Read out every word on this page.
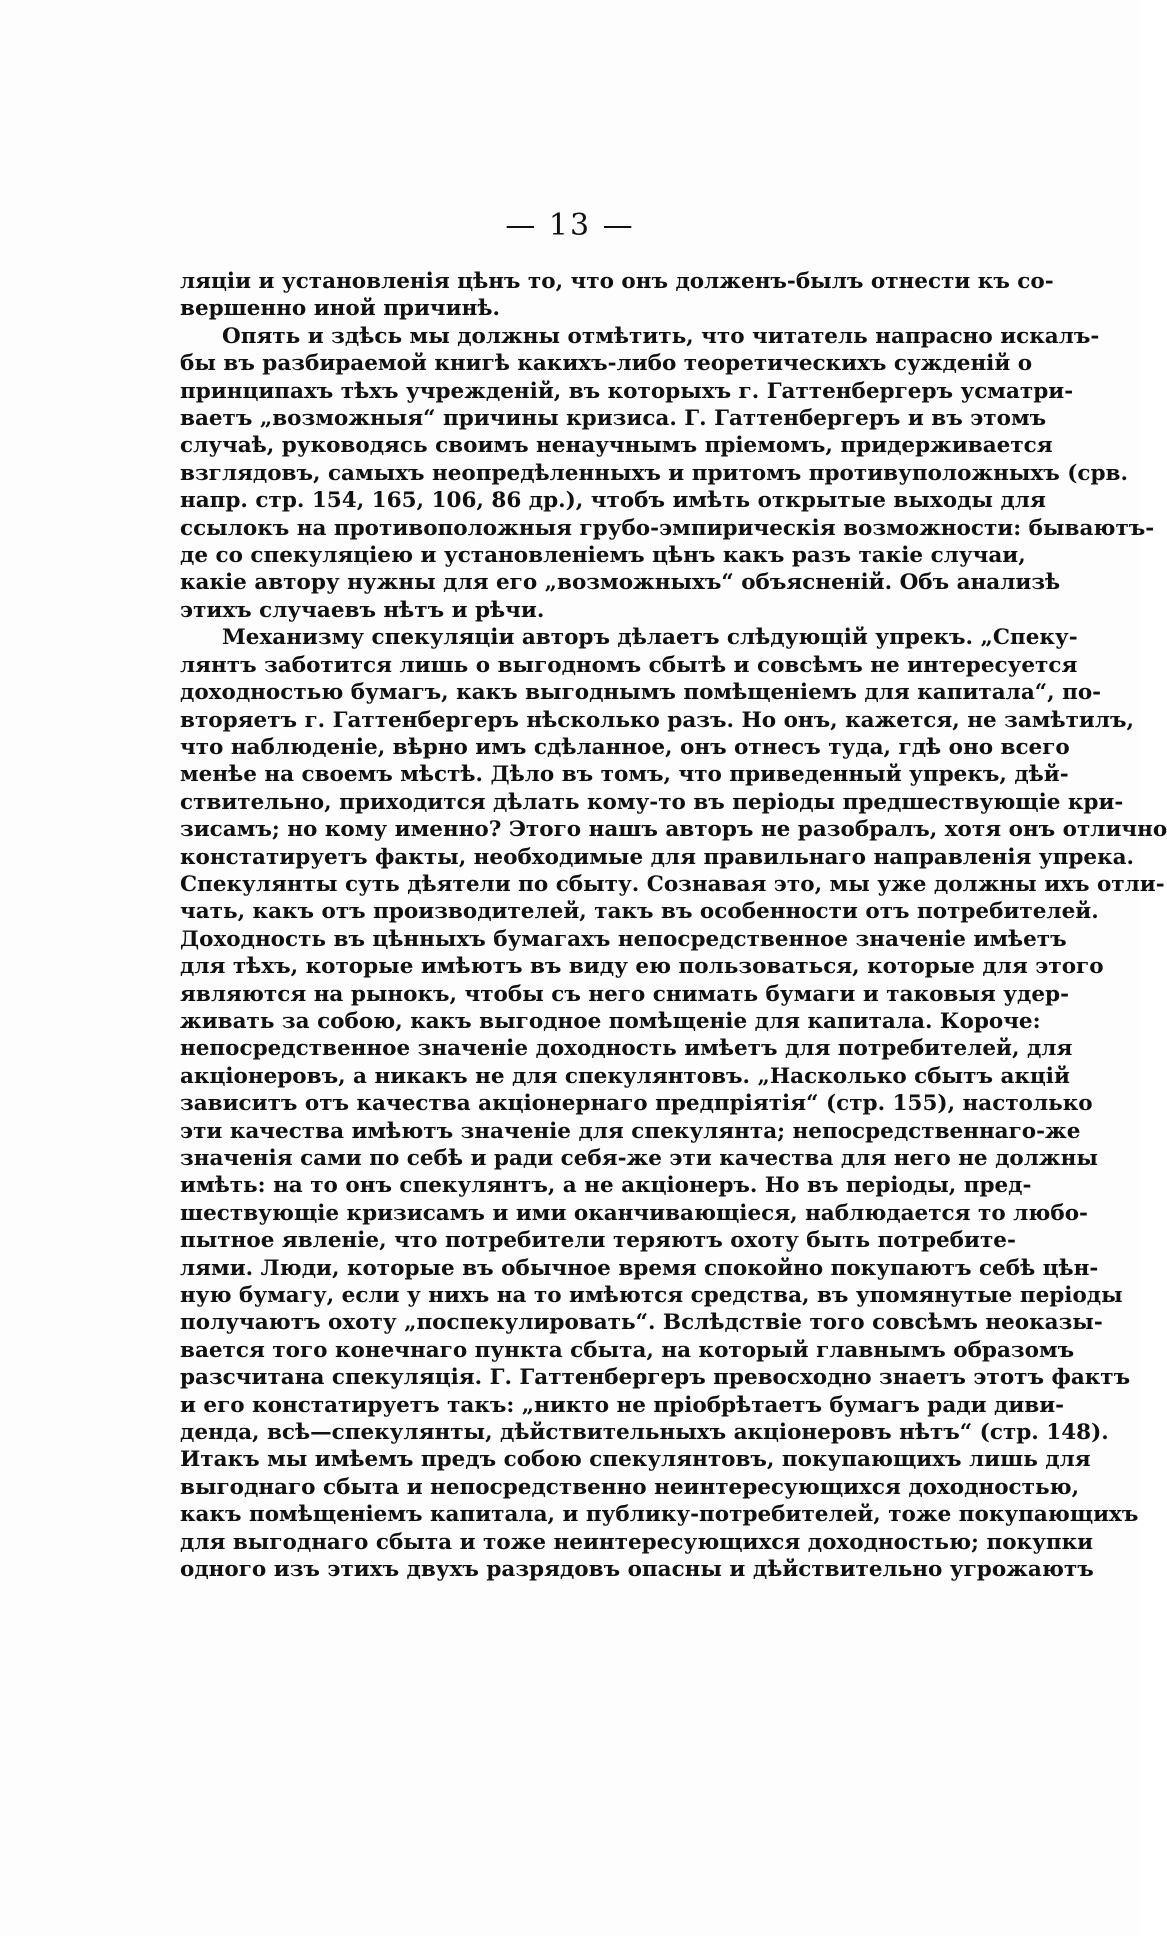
— 13 —
ляціи и установленія цѣнъ то, что онъ долженъ-былъ отнести къ со-
вершенно иной причинѣ.
Опять и здѣсь мы должны отмѣтить, что читатель напрасно искалъ-
бы въ разбираемой книгѣ какихъ-либо теоретическихъ сужденій о
принципахъ тѣхъ учрежденій, въ которыхъ г. Гаттенбергеръ усматри-
ваетъ „возможныя“ причины кризиса. Г. Гаттенбергеръ и въ этомъ
случаѣ, руководясь своимъ ненаучнымъ пріемомъ, придерживается
взглядовъ, самыхъ неопредѣленныхъ и притомъ противуположныхъ (срв.
напр. стр. 154, 165, 106, 86 др.), чтобъ имѣть открытые выходы для
ссылокъ на противоположныя грубо-эмпирическія возможности: бываютъ-
де со спекуляціею и установленіемъ цѣнъ какъ разъ такіе случаи,
какіе автору нужны для его „возможныхъ“ объясненій. Объ анализѣ
этихъ случаевъ нѣтъ и рѣчи.
Механизму спекуляціи авторъ дѣлаетъ слѣдующій упрекъ. „Спеку-
лянтъ заботится лишь о выгодномъ сбытѣ и совсѣмъ не интересуется
доходностью бумагъ, какъ выгоднымъ помѣщеніемъ для капитала“, по-
вторяетъ г. Гаттенбергеръ нѣсколько разъ. Но онъ, кажется, не замѣтилъ,
что наблюденіе, вѣрно имъ сдѣланное, онъ отнесъ туда, гдѣ оно всего
менѣе на своемъ мѣстѣ. Дѣло въ томъ, что приведенный упрекъ, дѣй-
ствительно, приходится дѣлать кому-то въ періоды предшествующіе кри-
зисамъ; но кому именно? Этого нашъ авторъ не разобралъ, хотя онъ отлично
констатируетъ факты, необходимые для правильнаго направленія упрека.
Спекулянты суть дѣятели по сбыту. Сознавая это, мы уже должны ихъ отли-
чать, какъ отъ производителей, такъ въ особенности отъ потребителей.
Доходность въ цѣнныхъ бумагахъ непосредственное значеніе имѣетъ
для тѣхъ, которые имѣютъ въ виду ею пользоваться, которые для этого
являются на рынокъ, чтобы съ него снимать бумаги и таковыя удер-
живать за собою, какъ выгодное помѣщеніе для капитала. Короче:
непосредственное значеніе доходность имѣетъ для потребителей, для
акціонеровъ, а никакъ не для спекулянтовъ. „Насколько сбытъ акцій
зависитъ отъ качества акціонернаго предпріятія“ (стр. 155), настолько
эти качества имѣютъ значеніе для спекулянта; непосредственнаго-же
значенія сами по себѣ и ради себя-же эти качества для него не должны
имѣть: на то онъ спекулянтъ, а не акціонеръ. Но въ періоды, пред-
шествующіе кризисамъ и ими оканчивающіеся, наблюдается то любо-
пытное явленіе, что потребители теряютъ охоту быть потребите-
лями. Люди, которые въ обычное время спокойно покупаютъ себѣ цѣн-
ную бумагу, если у нихъ на то имѣются средства, въ упомянутые періоды
получаютъ охоту „поспекулировать“. Вслѣдствіе того совсѣмъ неоказы-
вается того конечнаго пункта сбыта, на который главнымъ образомъ
разсчитана спекуляція. Г. Гаттенбергеръ превосходно знаетъ этотъ фактъ
и его констатируетъ такъ: „никто не пріобрѣтаетъ бумагъ ради диви-
денда, всѣ—спекулянты, дѣйствительныхъ акціонеровъ нѣтъ“ (стр. 148).
Итакъ мы имѣемъ предъ собою спекулянтовъ, покупающихъ лишь для
выгоднаго сбыта и непосредственно неинтересующихся доходностью,
какъ помѣщеніемъ капитала, и публику-потребителей, тоже покупающихъ
для выгоднаго сбыта и тоже неинтересующихся доходностью; покупки
одного изъ этихъ двухъ разрядовъ опасны и дѣйствительно угрожаютъ
